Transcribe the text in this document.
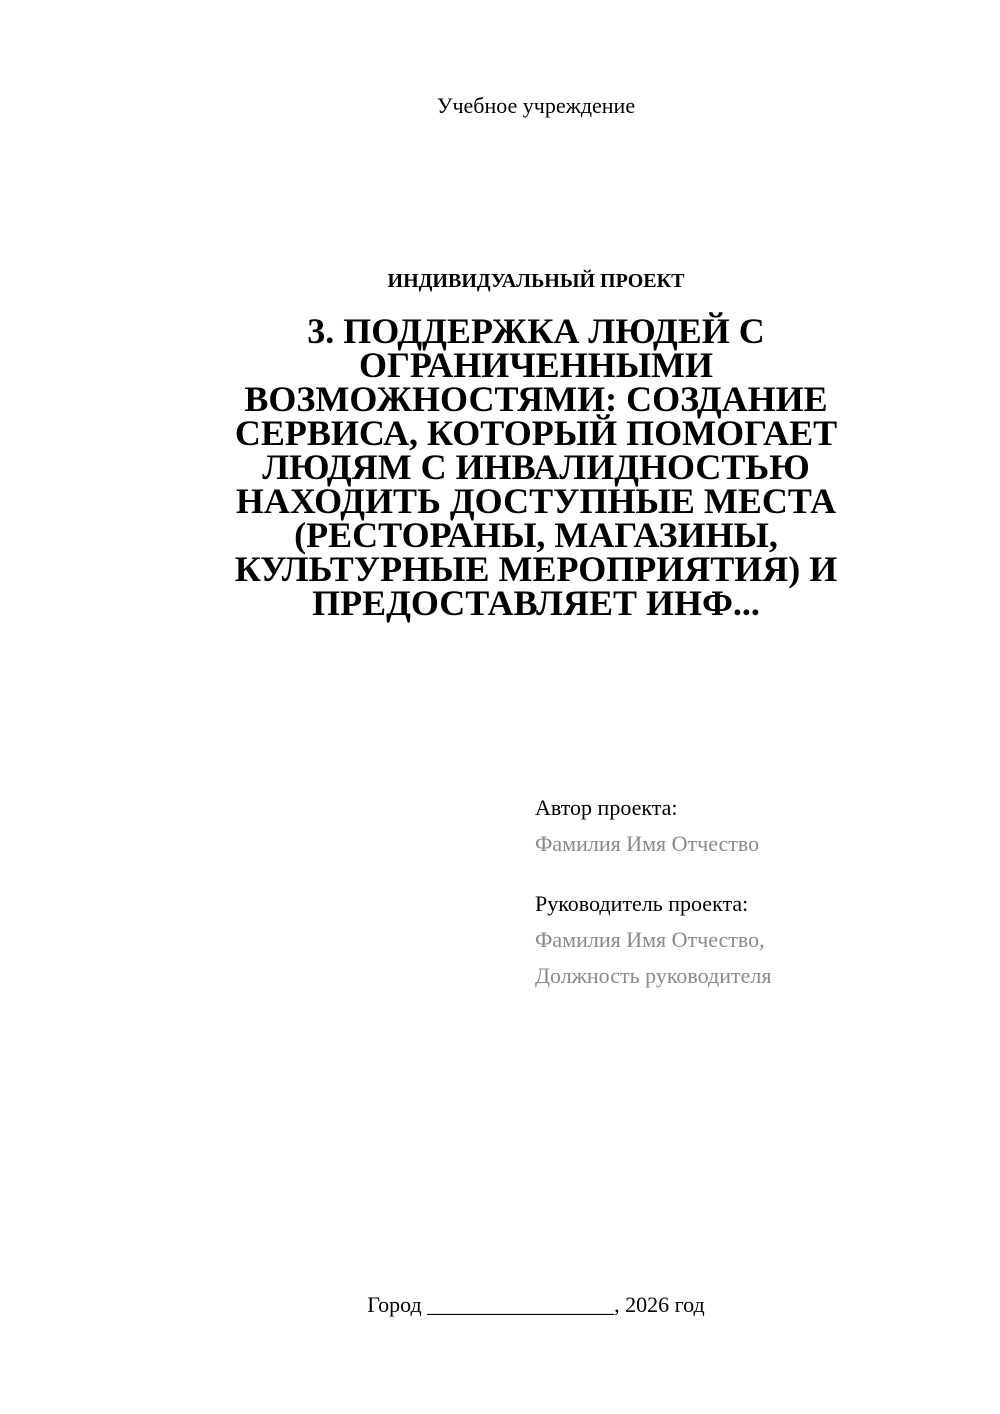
Учебное учреждение
ИНДИВИДУАЛЬНЫЙ ПРОЕКТ
3. ПОДДЕРЖКА ЛЮДЕЙ С ОГРАНИЧЕННЫМИ ВОЗМОЖНОСТЯМИ: СОЗДАНИЕ СЕРВИСА, КОТОРЫЙ ПОМОГАЕТ ЛЮДЯМ С ИНВАЛИДНОСТЬЮ НАХОДИТЬ ДОСТУПНЫЕ МЕСТА (РЕСТОРАНЫ, МАГАЗИНЫ, КУЛЬТУРНЫЕ МЕРОПРИЯТИЯ) И ПРЕДОСТАВЛЯЕТ ИНФ...
Автор проекта:
Фамилия Имя Отчество
Руководитель проекта:
Фамилия Имя Отчество,
Должность руководителя
Город _________________, 2026 год
